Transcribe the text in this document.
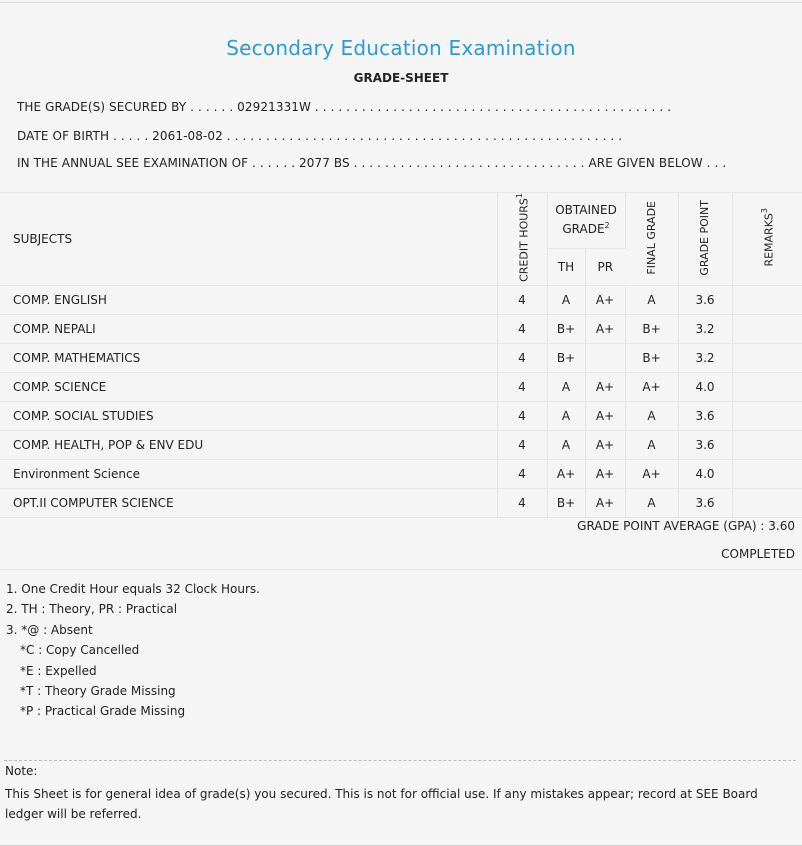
Secondary Education Examination
GRADE-SHEET
THE GRADE(S) SECURED BY . . . . . . 02921331W . . . . . . . . . . . . . . . . . . . . . . . . . . . . . . . . . . . . . . . . . . . . . .
DATE OF BIRTH . . . . . 2061-08-02 . . . . . . . . . . . . . . . . . . . . . . . . . . . . . . . . . . . . . . . . . . . . . . . . . . .
IN THE ANNUAL SEE EXAMINATION OF . . . . . . 2077 BS . . . . . . . . . . . . . . . . . . . . . . . . . . . . . . ARE GIVEN BELOW . . .
SUBJECTS	CREDIT HOURS$^1$	OBTAINED GRADE$^2$		FINAL GRADE	GRADE POINT	REMARKS$^3$
		TH	PR			
COMP. ENGLISH	4	A	A+	A	3.6	
COMP. NEPALI	4	B+	A+	B+	3.2	
COMP. MATHEMATICS	4	B+		B+	3.2	
COMP. SCIENCE	4	A	A+	A+	4.0	
COMP. SOCIAL STUDIES	4	A	A+	A	3.6	
COMP. HEALTH, POP & ENV EDU	4	A	A+	A	3.6	
Environment Science	4	A+	A+	A+	4.0	
OPT.II COMPUTER SCIENCE	4	B+	A+	A	3.6	
GRADE POINT AVERAGE (GPA) : 3.60
COMPLETED
1. One Credit Hour equals 32 Clock Hours.
2. TH : Theory, PR : Practical
3. *@ : Absent
*C : Copy Cancelled
*E : Expelled
*T : Theory Grade Missing
*P : Practical Grade Missing
Note:
This Sheet is for general idea of grade(s) you secured. This is not for official use. If any mistakes appear; record at SEE Board ledger will be referred.
